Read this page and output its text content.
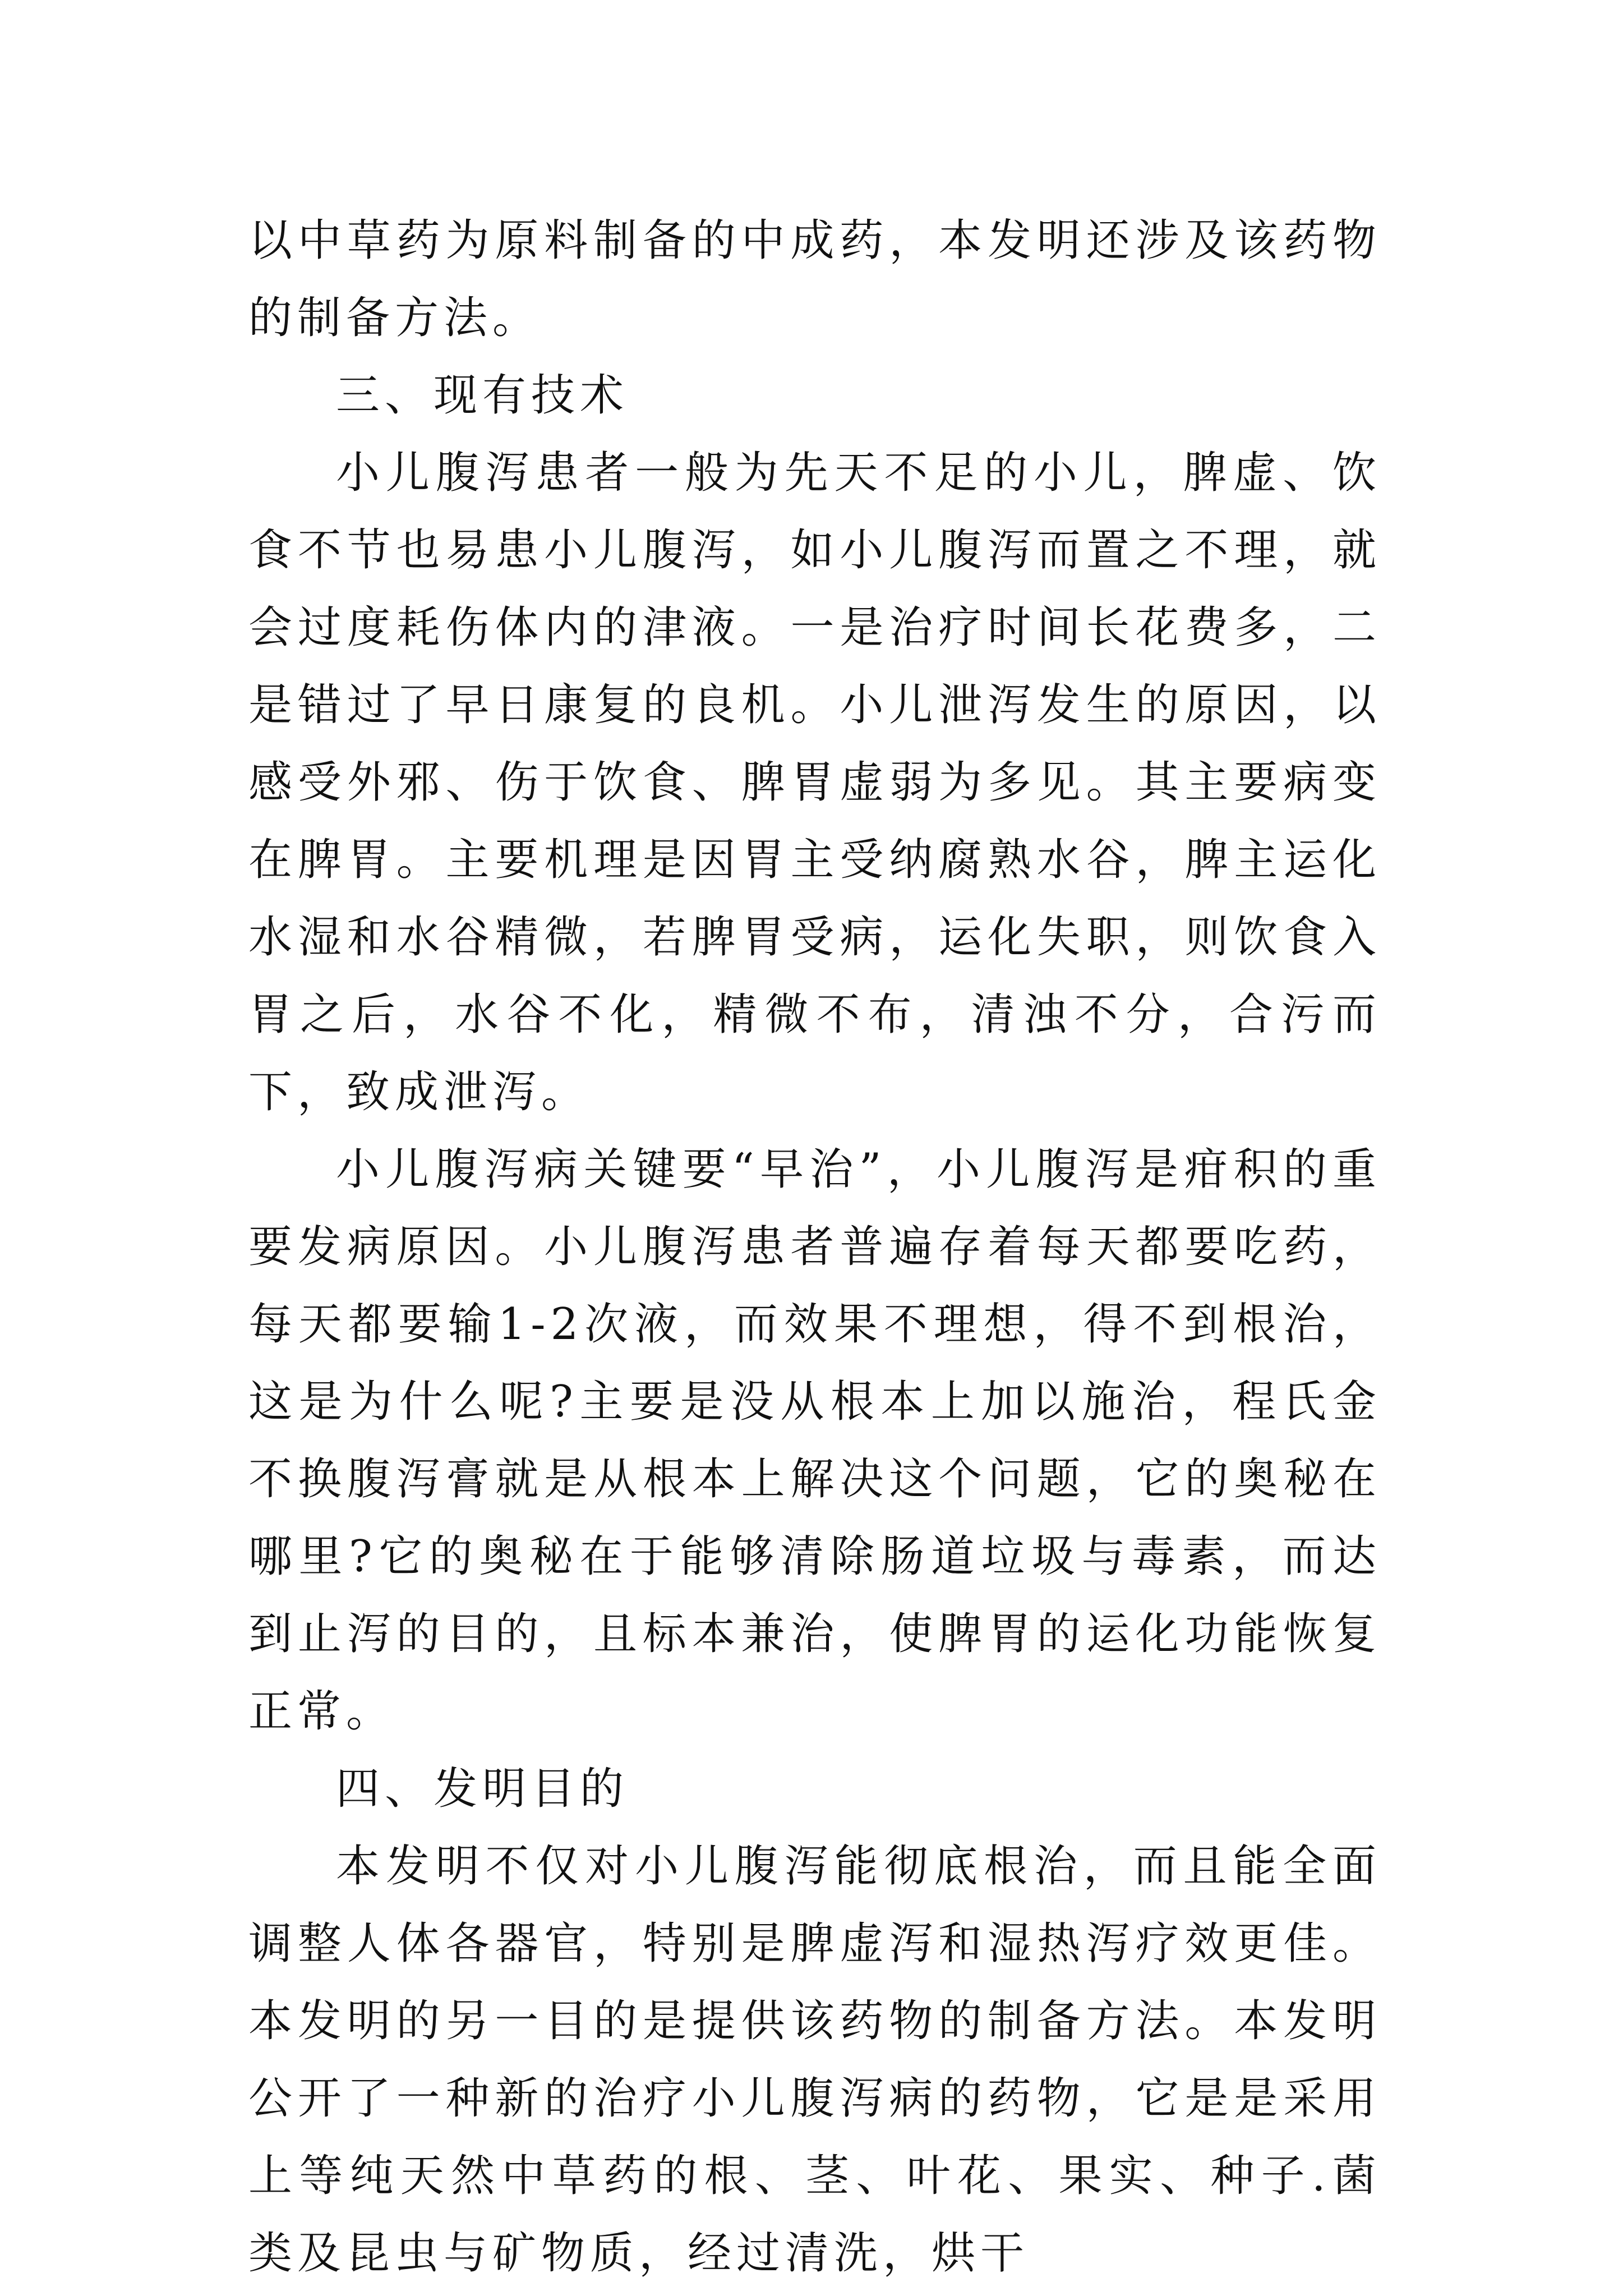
以中草药为原料制备的中成药，本发明还涉及该药物的制备方法。

三、现有技术

小儿腹泻患者一般为先天不足的小儿，脾虚、饮食不节也易患小儿腹泻，如小儿腹泻而置之不理，就会过度耗伤体内的津液。一是治疗时间长花费多，二是错过了早日康复的良机。小儿泄泻发生的原因，以感受外邪、伤于饮食、脾胃虚弱为多见。其主要病变在脾胃。主要机理是因胃主受纳腐熟水谷，脾主运化水湿和水谷精微，若脾胃受病，运化失职，则饮食入胃之后，水谷不化，精微不布，清浊不分，合污而下，致成泄泻。

小儿腹泻病关键要“早治”，小儿腹泻是疳积的重要发病原因。小儿腹泻患者普遍存着每天都要吃药，每天都要输1-2次液，而效果不理想，得不到根治，这是为什么呢?主要是没从根本上加以施治，程氏金不换腹泻膏就是从根本上解决这个问题，它的奥秘在哪里?它的奥秘在于能够清除肠道垃圾与毒素，而达到止泻的目的，且标本兼治，使脾胃的运化功能恢复正常。

四、发明目的

本发明不仅对小儿腹泻能彻底根治，而且能全面调整人体各器官，特别是脾虚泻和湿热泻疗效更佳。本发明的另一目的是提供该药物的制备方法。本发明公开了一种新的治疗小儿腹泻病的药物，它是是采用上等纯天然中草药的根、茎、叶花、果实、种子.菌类及昆虫与矿物质，经过清洗，烘干
